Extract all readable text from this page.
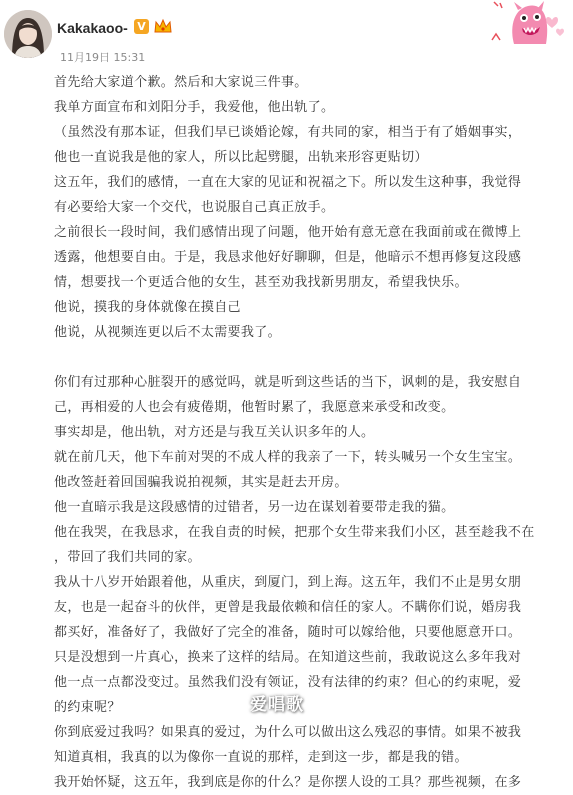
Kakakaoo- V
11月19日 15:31
首先给大家道个歉。然后和大家说三件事。
我单方面宣布和刘阳分手，我爱他，他出轨了。
（虽然没有那本证，但我们早已谈婚论嫁，有共同的家，相当于有了婚姻事实，
他也一直说我是他的家人，所以比起劈腿，出轨来形容更贴切）
这五年，我们的感情，一直在大家的见证和祝福之下。所以发生这种事，我觉得
有必要给大家一个交代，也说服自己真正放手。
之前很长一段时间，我们感情出现了问题，他开始有意无意在我面前或在微博上
透露，他想要自由。于是，我恳求他好好聊聊，但是，他暗示不想再修复这段感
情，想要找一个更适合他的女生，甚至劝我找新男朋友，希望我快乐。
他说，摸我的身体就像在摸自己
他说，从视频连更以后不太需要我了。
你们有过那种心脏裂开的感觉吗，就是听到这些话的当下，讽刺的是，我安慰自
己，再相爱的人也会有疲倦期，他暂时累了，我愿意来承受和改变。
事实却是，他出轨，对方还是与我互关认识多年的人。
就在前几天，他下车前对哭的不成人样的我亲了一下，转头喊另一个女生宝宝。
他改签赶着回国骗我说拍视频，其实是赶去开房。
他一直暗示我是这段感情的过错者，另一边在谋划着要带走我的猫。
他在我哭，在我恳求，在我自责的时候，把那个女生带来我们小区，甚至趁我不在
，带回了我们共同的家。
我从十八岁开始跟着他，从重庆，到厦门，到上海。这五年，我们不止是男女朋
友，也是一起奋斗的伙伴，更曾是我最依赖和信任的家人。不瞒你们说，婚房我
都买好，准备好了，我做好了完全的准备，随时可以嫁给他，只要他愿意开口。
只是没想到一片真心，换来了这样的结局。在知道这些前，我敢说这么多年我对
他一点一点都没变过。虽然我们没有领证，没有法律的约束？但心的约束呢，爱
的约束呢？
你到底爱过我吗？如果真的爱过，为什么可以做出这么残忍的事情。如果不被我
知道真相，我真的以为像你一直说的那样，走到这一步，都是我的错。
我开始怀疑，这五年，我到底是你的什么？是你摆人设的工具？那些视频，在多
爱唱歌
